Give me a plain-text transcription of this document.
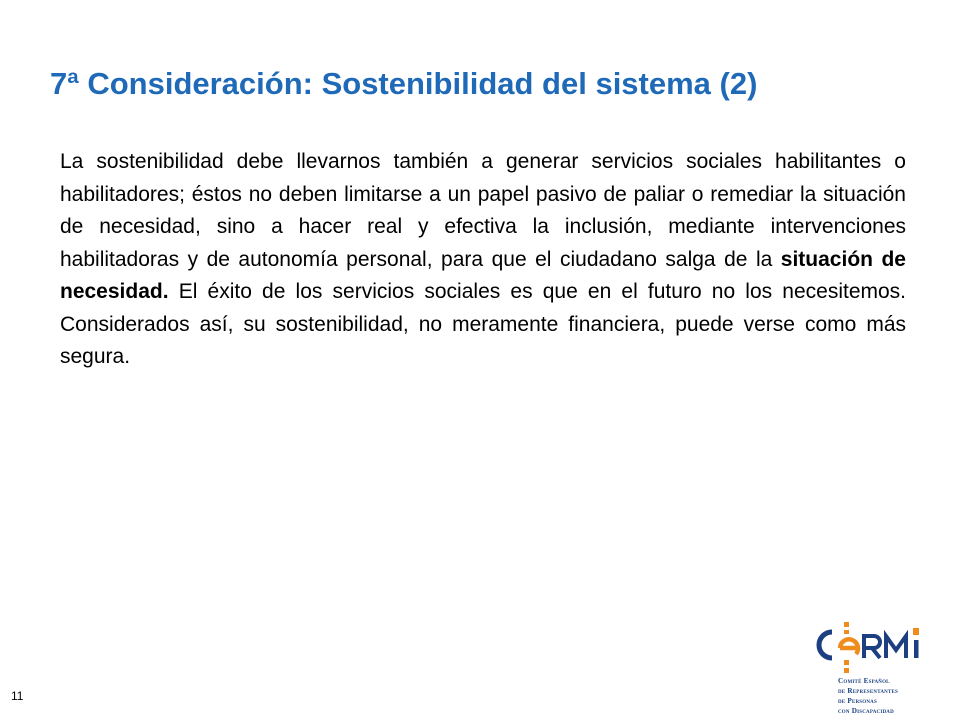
7ª Consideración: Sostenibilidad del sistema (2)

La sostenibilidad debe llevarnos también a generar servicios sociales habilitantes o habilitadores; éstos no deben limitarse a un papel pasivo de paliar o remediar la situación de necesidad, sino a hacer real y efectiva la inclusión, mediante intervenciones habilitadoras y de autonomía personal, para que el ciudadano salga de la situación de necesidad. El éxito de los servicios sociales es que en el futuro no los necesitemos. Considerados así, su sostenibilidad, no meramente financiera, puede verse como más segura.

11
Comité Español
de Representantes
de Personas
con Discapacidad
